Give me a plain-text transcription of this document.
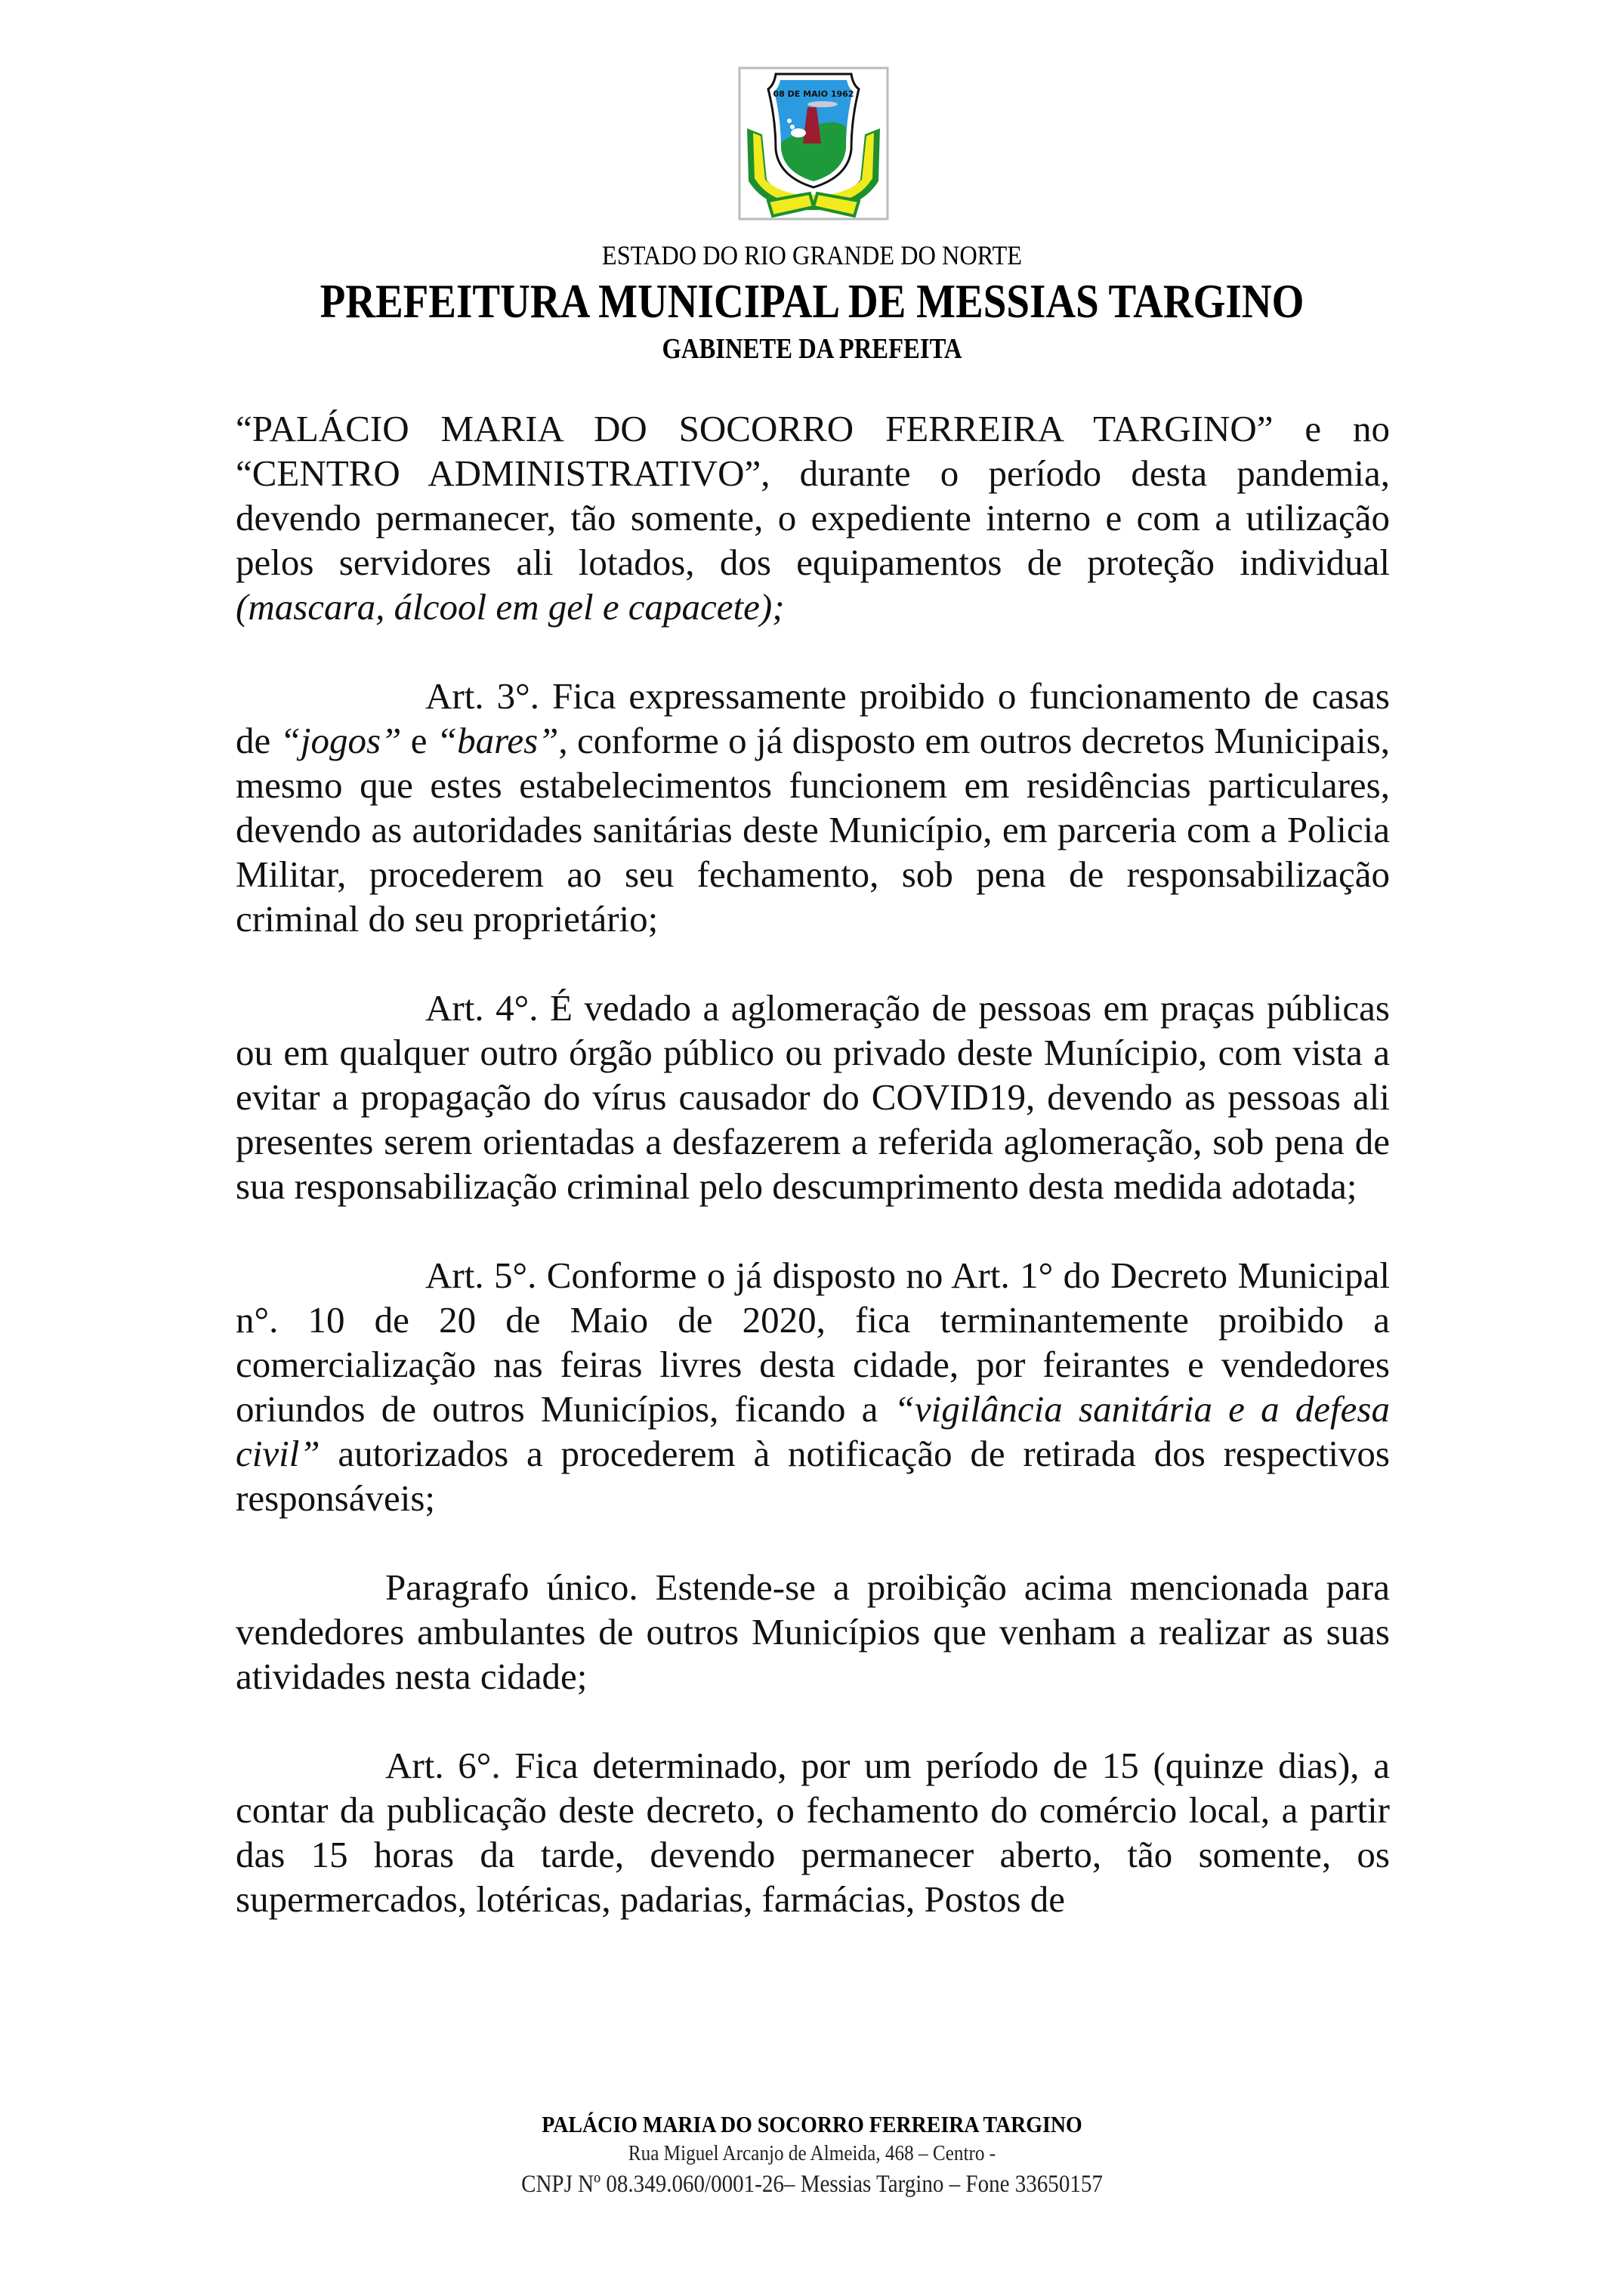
08 DE MAIO 1962
ESTADO DO RIO GRANDE DO NORTE
PREFEITURA MUNICIPAL DE MESSIAS TARGINO
GABINETE DA PREFEITA

“PALÁCIO MARIA DO SOCORRO FERREIRA TARGINO” e no “CENTRO ADMINISTRATIVO”, durante o período desta pandemia, devendo permanecer, tão somente, o expediente interno e com a utilização pelos servidores ali lotados, dos equipamentos de proteção individual (mascara, álcool em gel e capacete);

Art. 3°. Fica expressamente proibido o funcionamento de casas de “jogos” e “bares”, conforme o já disposto em outros decretos Municipais, mesmo que estes estabelecimentos funcionem em residências particulares, devendo as autoridades sanitárias deste Município, em parceria com a Policia Militar, procederem ao seu fechamento, sob pena de responsabilização criminal do seu proprietário;

Art. 4°. É vedado a aglomeração de pessoas em praças públicas ou em qualquer outro órgão público ou privado deste Munícipio, com vista a evitar a propagação do vírus causador do COVID19, devendo as pessoas ali presentes serem orientadas a desfazerem a referida aglomeração, sob pena de sua responsabilização criminal pelo descumprimento desta medida adotada;

Art. 5°. Conforme o já disposto no Art. 1° do Decreto Municipal n°. 10 de 20 de Maio de 2020, fica terminantemente proibido a comercialização nas feiras livres desta cidade, por feirantes e vendedores oriundos de outros Municípios, ficando a “vigilância sanitária e a defesa civil” autorizados a procederem à notificação de retirada dos respectivos responsáveis;

Paragrafo único. Estende-se a proibição acima mencionada para vendedores ambulantes de outros Municípios que venham a realizar as suas atividades nesta cidade;

Art. 6°. Fica determinado, por um período de 15 (quinze dias), a contar da publicação deste decreto, o fechamento do comércio local, a partir das 15 horas da tarde, devendo permanecer aberto, tão somente, os supermercados, lotéricas, padarias, farmácias, Postos de

PALÁCIO MARIA DO SOCORRO FERREIRA TARGINO
Rua Miguel Arcanjo de Almeida, 468 – Centro -
CNPJ Nº 08.349.060/0001-26– Messias Targino – Fone 33650157
